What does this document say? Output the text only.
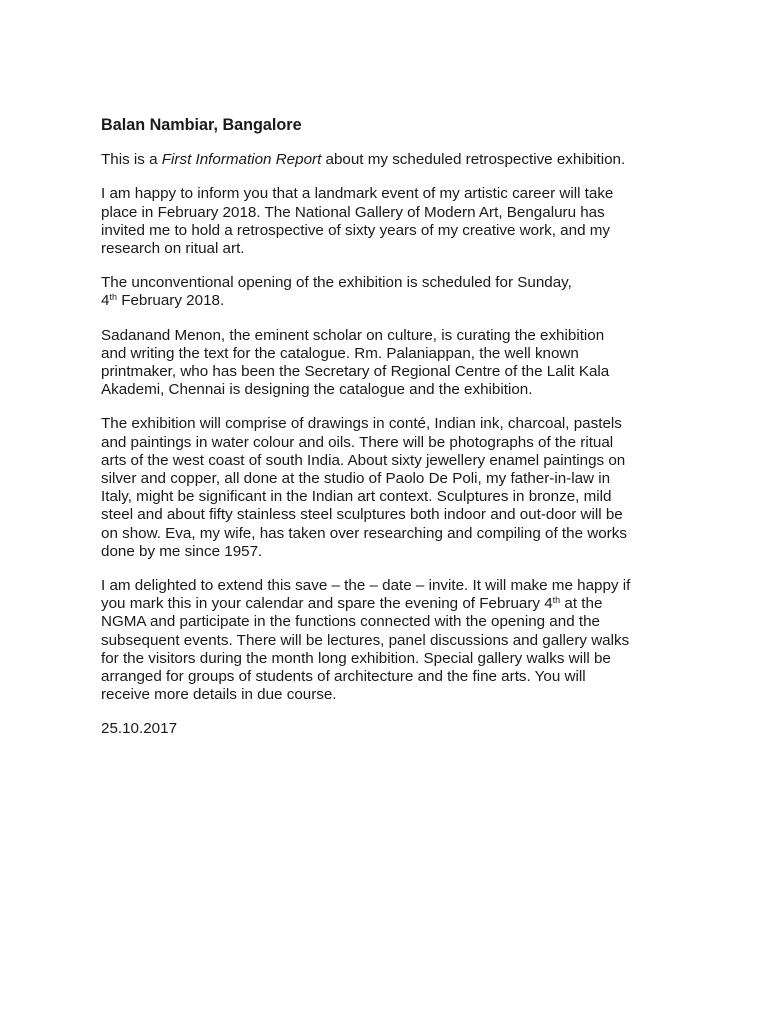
Balan Nambiar, Bangalore
This is a First Information Report about my scheduled retrospective exhibition.
I am happy to inform you that a landmark event of my artistic career will take
place in February 2018. The National Gallery of Modern Art, Bengaluru has
invited me to hold a retrospective of sixty years of my creative work, and my
research on ritual art.
The unconventional opening of the exhibition is scheduled for Sunday,
4th February 2018.
Sadanand Menon, the eminent scholar on culture, is curating the exhibition
and writing the text for the catalogue. Rm. Palaniappan, the well known
printmaker, who has been the Secretary of Regional Centre of the Lalit Kala
Akademi, Chennai is designing the catalogue and the exhibition.
The exhibition will comprise of drawings in conté, Indian ink, charcoal, pastels
and paintings in water colour and oils. There will be photographs of the ritual
arts of the west coast of south India. About sixty jewellery enamel paintings on
silver and copper, all done at the studio of Paolo De Poli, my father-in-law in
Italy, might be significant in the Indian art context. Sculptures in bronze, mild
steel and about fifty stainless steel sculptures both indoor and out-door will be
on show. Eva, my wife, has taken over researching and compiling of the works
done by me since 1957.
I am delighted to extend this save – the – date – invite. It will make me happy if
you mark this in your calendar and spare the evening of February 4th at the
NGMA and participate in the functions connected with the opening and the
subsequent events. There will be lectures, panel discussions and gallery walks
for the visitors during the month long exhibition. Special gallery walks will be
arranged for groups of students of architecture and the fine arts. You will
receive more details in due course.
25.10.2017
